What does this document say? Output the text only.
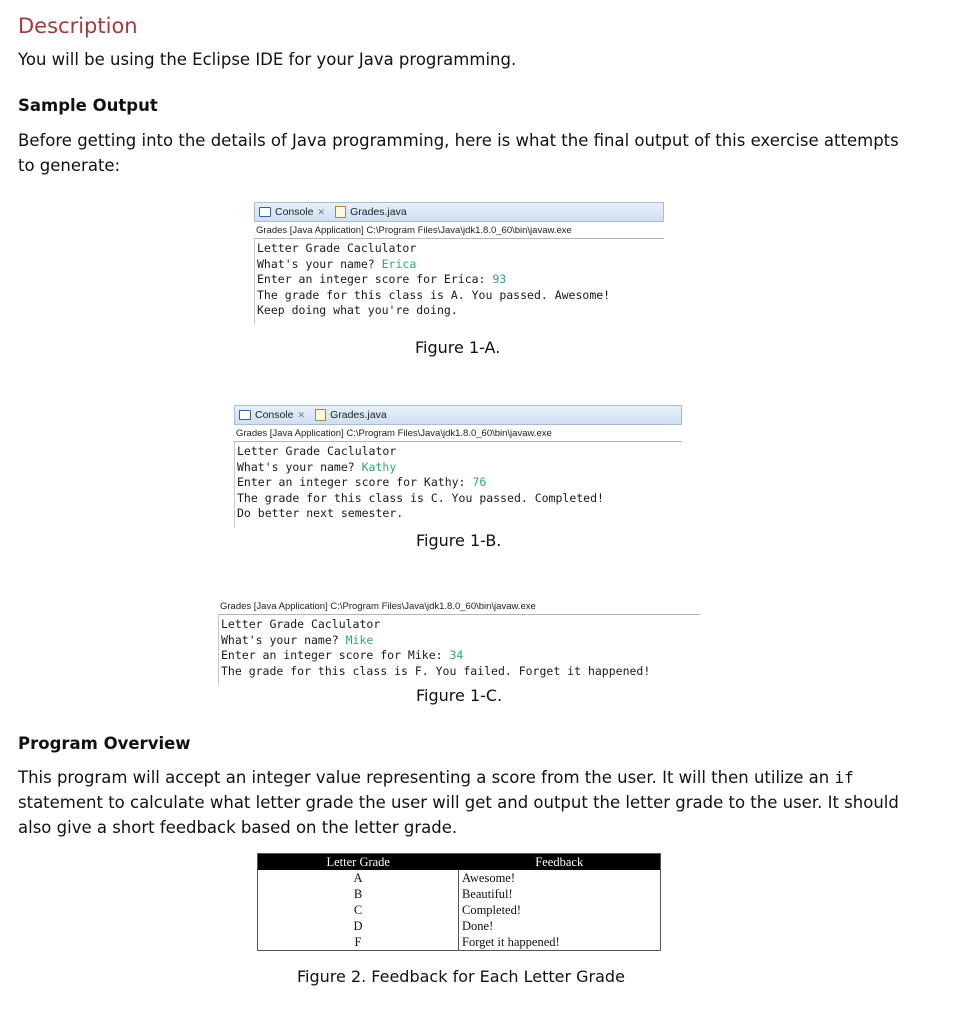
Description
You will be using the Eclipse IDE for your Java programming.
Sample Output
Before getting into the details of Java programming, here is what the final output of this exercise attempts to generate:
Console ✕ Grades.java
Grades [Java Application] C:\Program Files\Java\jdk1.8.0_60\bin\javaw.exe
Letter Grade Caclulator
What's your name? Erica
Enter an integer score for Erica: 93
The grade for this class is A. You passed. Awesome!
Keep doing what you're doing.
Figure 1-A.
Console ✕ Grades.java
Grades [Java Application] C:\Program Files\Java\jdk1.8.0_60\bin\javaw.exe
Letter Grade Caclulator
What's your name? Kathy
Enter an integer score for Kathy: 76
The grade for this class is C. You passed. Completed!
Do better next semester.
Figure 1-B.
Grades [Java Application] C:\Program Files\Java\jdk1.8.0_60\bin\javaw.exe
Letter Grade Caclulator
What's your name? Mike
Enter an integer score for Mike: 34
The grade for this class is F. You failed. Forget it happened!
Figure 1-C.
Program Overview
This program will accept an integer value representing a score from the user. It will then utilize an if
statement to calculate what letter grade the user will get and output the letter grade to the user. It should
also give a short feedback based on the letter grade.
Letter Grade	Feedback
A	Awesome!
B	Beautiful!
C	Completed!
D	Done!
F	Forget it happened!
Figure 2. Feedback for Each Letter Grade
